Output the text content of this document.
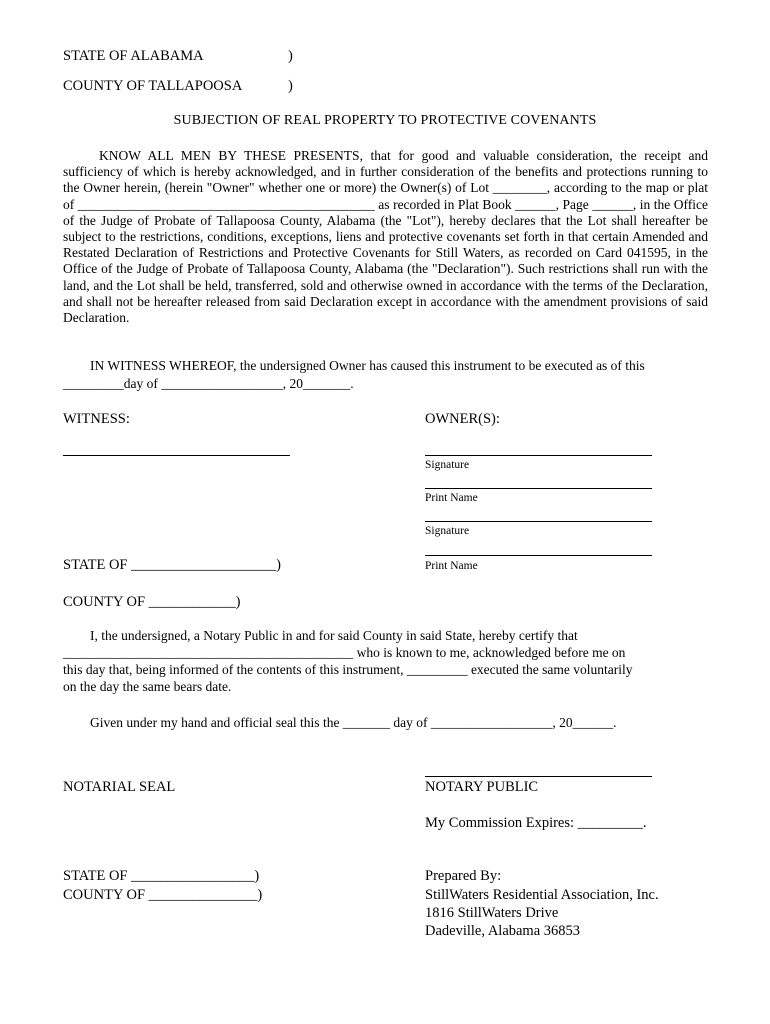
STATE OF ALABAMA	)
COUNTY OF TALLAPOOSA	)
SUBJECTION OF REAL PROPERTY TO PROTECTIVE COVENANTS
KNOW ALL MEN BY THESE PRESENTS, that for good and valuable consideration, the receipt and sufficiency of which is hereby acknowledged, and in further consideration of the benefits and protections running to the Owner herein, (herein "Owner" whether one or more) the Owner(s) of Lot ________, according to the map or plat of ____________________________________________ as recorded in Plat Book ______, Page ______, in the Office of the Judge of Probate of Tallapoosa County, Alabama (the "Lot"), hereby declares that the Lot shall hereafter be subject to the restrictions, conditions, exceptions, liens and protective covenants set forth in that certain Amended and Restated Declaration of Restrictions and Protective Covenants for Still Waters, as recorded on Card 041595, in the Office of the Judge of Probate of Tallapoosa County, Alabama (the "Declaration"). Such restrictions shall run with the land, and the Lot shall be held, transferred, sold and otherwise owned in accordance with the terms of the Declaration, and shall not be hereafter released from said Declaration except in accordance with the amendment provisions of said Declaration.
IN WITNESS WHEREOF, the undersigned Owner has caused this instrument to be executed as of this
_________day of __________________, 20_______.
WITNESS:	OWNER(S):
Signature
Print Name
Signature
Print Name
STATE OF ____________________)
COUNTY OF ____________)
I, the undersigned, a Notary Public in and for said County in said State, hereby certify that
___________________________________________ who is known to me, acknowledged before me on
this day that, being informed of the contents of this instrument, _________ executed the same voluntarily
on the day the same bears date.
Given under my hand and official seal this the _______ day of __________________, 20______.
NOTARIAL SEAL	NOTARY PUBLIC
My Commission Expires: _________.
STATE OF _________________)
COUNTY OF _______________)
Prepared By:
StillWaters Residential Association, Inc.
1816 StillWaters Drive
Dadeville, Alabama 36853
